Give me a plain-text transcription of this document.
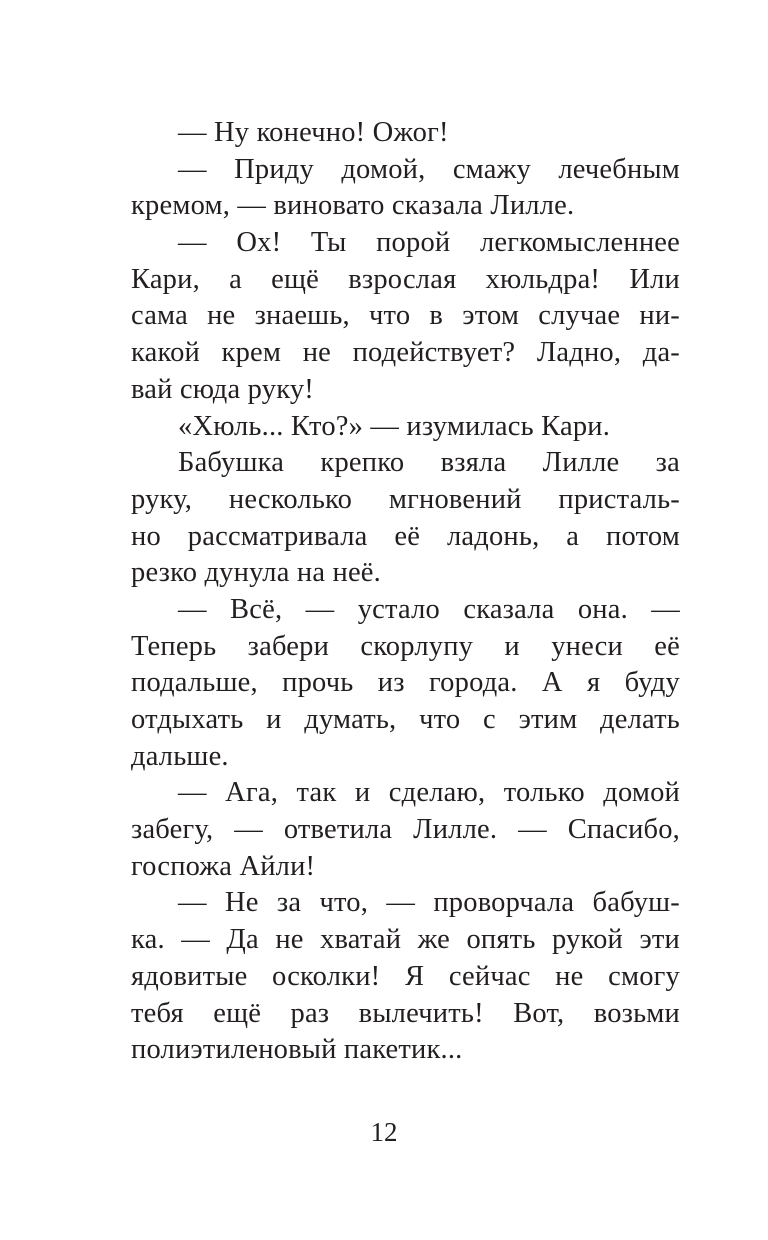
— Ну конечно! Ожог!
— Приду домой, смажу лечебным
кремом, — виновато сказала Лилле.
— Ох! Ты порой легкомысленнее
Кари, а ещё взрослая хюльдра! Или
сама не знаешь, что в этом случае ни-
какой крем не подействует? Ладно, да-
вай сюда руку!
«Хюль... Кто?» — изумилась Кари.
Бабушка крепко взяла Лилле за
руку, несколько мгновений присталь-
но рассматривала её ладонь, а потом
резко дунула на неё.
— Всё, — устало сказала она. —
Теперь забери скорлупу и унеси её
подальше, прочь из города. А я буду
отдыхать и думать, что с этим делать
дальше.
— Ага, так и сделаю, только домой
забегу, — ответила Лилле. — Спасибо,
госпожа Айли!
— Не за что, — проворчала бабуш-
ка. — Да не хватай же опять рукой эти
ядовитые осколки! Я сейчас не смогу
тебя ещё раз вылечить! Вот, возьми
полиэтиленовый пакетик...
12
